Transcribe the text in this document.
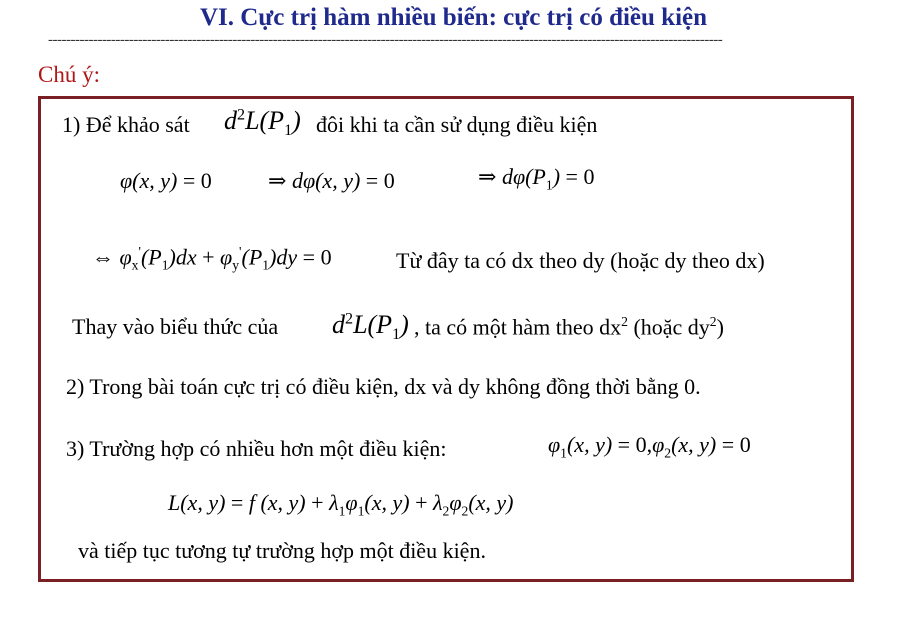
VI. Cực trị hàm nhiều biến: cực trị có điều kiện
------------------------------------------------------------------------------------------------------------------------------------------------------
Chú ý:
1) Để khảo sát $d^2L(P_1)$ đôi khi ta cần sử dụng điều kiện
φ(x, y) = 0	⇒ dφ(x, y) = 0	⇒ $d\varphi(P_1) = 0$
⇔ $\varphi_x'(P_1)dx + \varphi_y'(P_1)dy = 0$	Từ đây ta có dx theo dy (hoặc dy theo dx)
Thay vào biểu thức của $d^2L(P_1)$ , ta có một hàm theo $dx^2$ (hoặc $dy^2$)
2) Trong bài toán cực trị có điều kiện, dx và dy không đồng thời bằng 0.
3) Trường hợp có nhiều hơn một điều kiện:	$\varphi_1(x$, $y) = 0,\varphi_2(x$, y) = 0
L(x, y) = f (x, $y) + \lambda_1\varphi_1(x$, $y) + \lambda_2\varphi_2(x$, y)
và tiếp tục tương tự trường hợp một điều kiện.
